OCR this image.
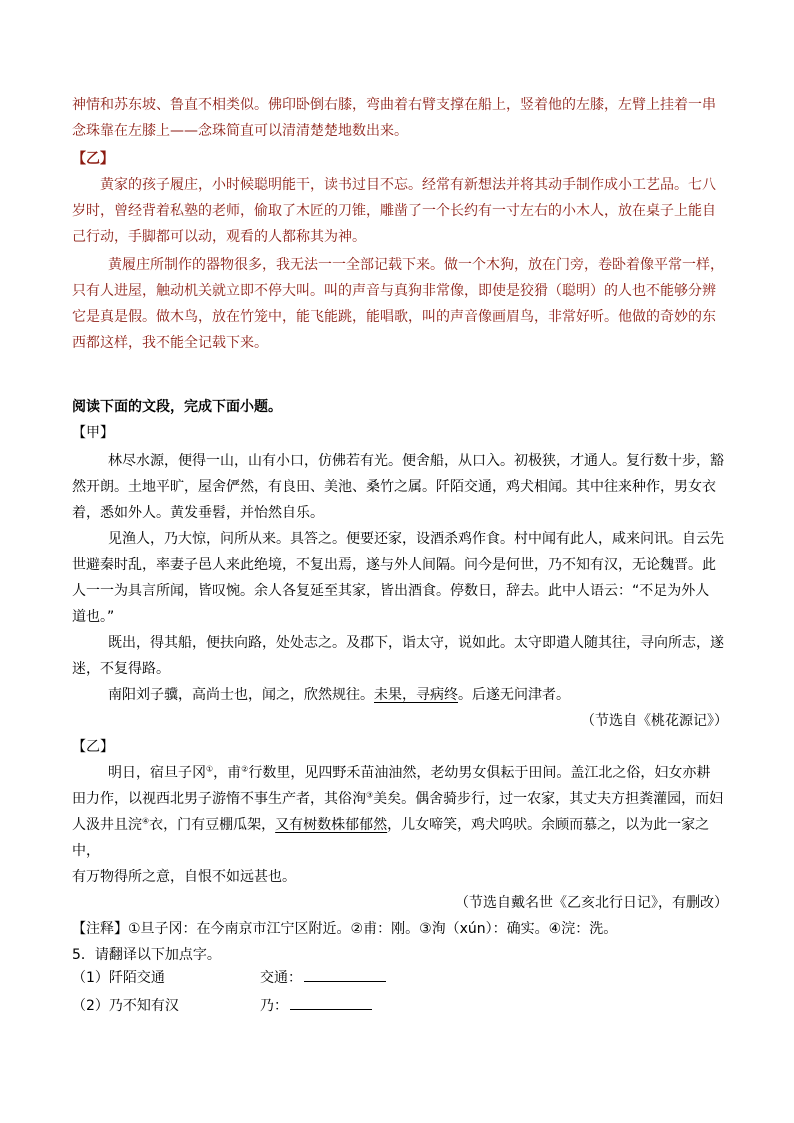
神情和苏东坡、鲁直不相类似。佛印卧倒右膝，弯曲着右臂支撑在船上，竖着他的左膝，左臂上挂着一串

念珠靠在左膝上——念珠简直可以清清楚楚地数出来。

【乙】

黄家的孩子履庄，小时候聪明能干，读书过目不忘。经常有新想法并将其动手制作成小工艺品。七八

岁时，曾经背着私塾的老师，偷取了木匠的刀锥，雕凿了一个长约有一寸左右的小木人，放在桌子上能自

己行动，手脚都可以动，观看的人都称其为神。

黄履庄所制作的器物很多，我无法一一全部记载下来。做一个木狗，放在门旁，卷卧着像平常一样，

只有人进屋，触动机关就立即不停大叫。叫的声音与真狗非常像，即使是狡猾（聪明）的人也不能够分辨

它是真是假。做木鸟，放在竹笼中，能飞能跳，能唱歌，叫的声音像画眉鸟，非常好听。他做的奇妙的东

西都这样，我不能全记载下来。

阅读下面的文段，完成下面小题。

【甲】

林尽水源，便得一山，山有小口，仿佛若有光。便舍船，从口入。初极狭，才通人。复行数十步，豁

然开朗。土地平旷，屋舍俨然，有良田、美池、桑竹之属。阡陌交通，鸡犬相闻。其中往来种作，男女衣

着，悉如外人。黄发垂髫，并怡然自乐。

见渔人，乃大惊，问所从来。具答之。便要还家，设酒杀鸡作食。村中闻有此人，咸来问讯。自云先

世避秦时乱，率妻子邑人来此绝境，不复出焉，遂与外人间隔。问今是何世，乃不知有汉，无论魏晋。此

人一一为具言所闻，皆叹惋。余人各复延至其家，皆出酒食。停数日，辞去。此中人语云：“不足为外人

道也。”

既出，得其船，便扶向路，处处志之。及郡下，诣太守，说如此。太守即遣人随其往，寻向所志，遂

迷，不复得路。

南阳刘子骥，高尚士也，闻之，欣然规往。未果，寻病终。后遂无问津者。

（节选自《桃花源记》）

【乙】

明日，宿旦子冈①，甫②行数里，见四野禾苗油油然，老幼男女俱耘于田间。盖江北之俗，妇女亦耕

田力作，以视西北男子游惰不事生产者，其俗洵③美矣。偶舍骑步行，过一农家，其丈夫方担粪灌园，而妇

人汲井且浣④衣，门有豆棚瓜架，又有树数株郁郁然，儿女啼笑，鸡犬呜吠。余顾而慕之，以为此一家之中，

有万物得所之意，自恨不如远甚也。

（节选自戴名世《乙亥北行日记》，有删改）

【注释】①旦子冈：在今南京市江宁区附近。②甫：刚。③洵（xún）：确实。④浣：洗。

5．请翻译以下加点字。

（1）阡陌交通	交通：
（2）乃不知有汉	乃：
